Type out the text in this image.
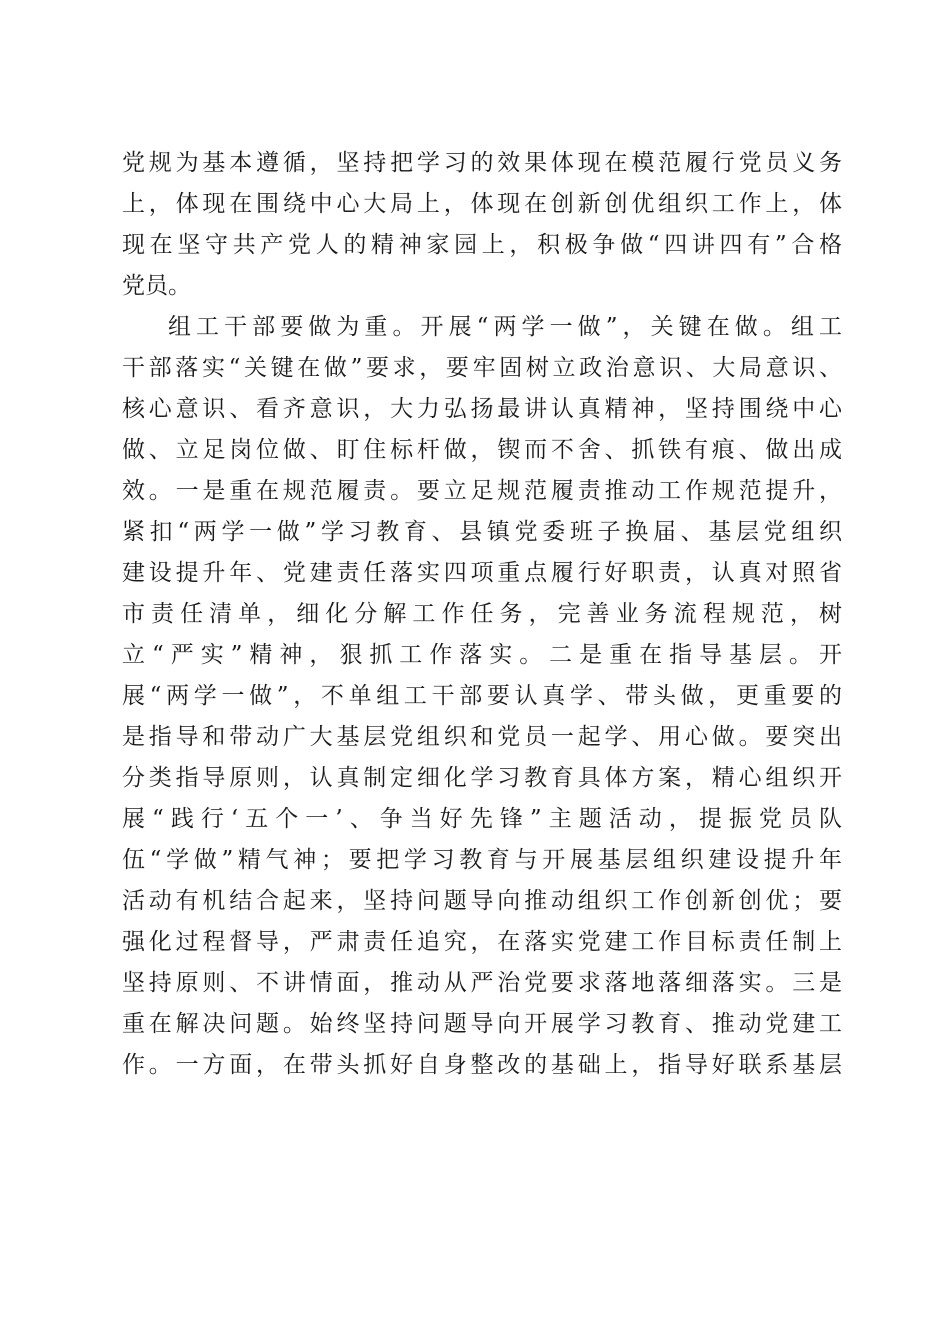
党规为基本遵循，坚持把学习的效果体现在模范履行党员义务
上，体现在围绕中心大局上，体现在创新创优组织工作上，体
现在坚守共产党人的精神家园上，积极争做“四讲四有”合格
党员。
组工干部要做为重。开展“两学一做”，关键在做。组工
干部落实“关键在做”要求，要牢固树立政治意识、大局意识、
核心意识、看齐意识，大力弘扬最讲认真精神，坚持围绕中心
做、立足岗位做、盯住标杆做，锲而不舍、抓铁有痕、做出成
效。一是重在规范履责。要立足规范履责推动工作规范提升，
紧扣“两学一做”学习教育、县镇党委班子换届、基层党组织
建设提升年、党建责任落实四项重点履行好职责，认真对照省
市责任清单，细化分解工作任务，完善业务流程规范，树
立“严实”精神，狠抓工作落实。二是重在指导基层。开
展“两学一做”，不单组工干部要认真学、带头做，更重要的
是指导和带动广大基层党组织和党员一起学、用心做。要突出
分类指导原则，认真制定细化学习教育具体方案，精心组织开
展“践行‘五个一’、争当好先锋”主题活动，提振党员队
伍“学做”精气神；要把学习教育与开展基层组织建设提升年
活动有机结合起来，坚持问题导向推动组织工作创新创优；要
强化过程督导，严肃责任追究，在落实党建工作目标责任制上
坚持原则、不讲情面，推动从严治党要求落地落细落实。三是
重在解决问题。始终坚持问题导向开展学习教育、推动党建工
作。一方面，在带头抓好自身整改的基础上，指导好联系基层
